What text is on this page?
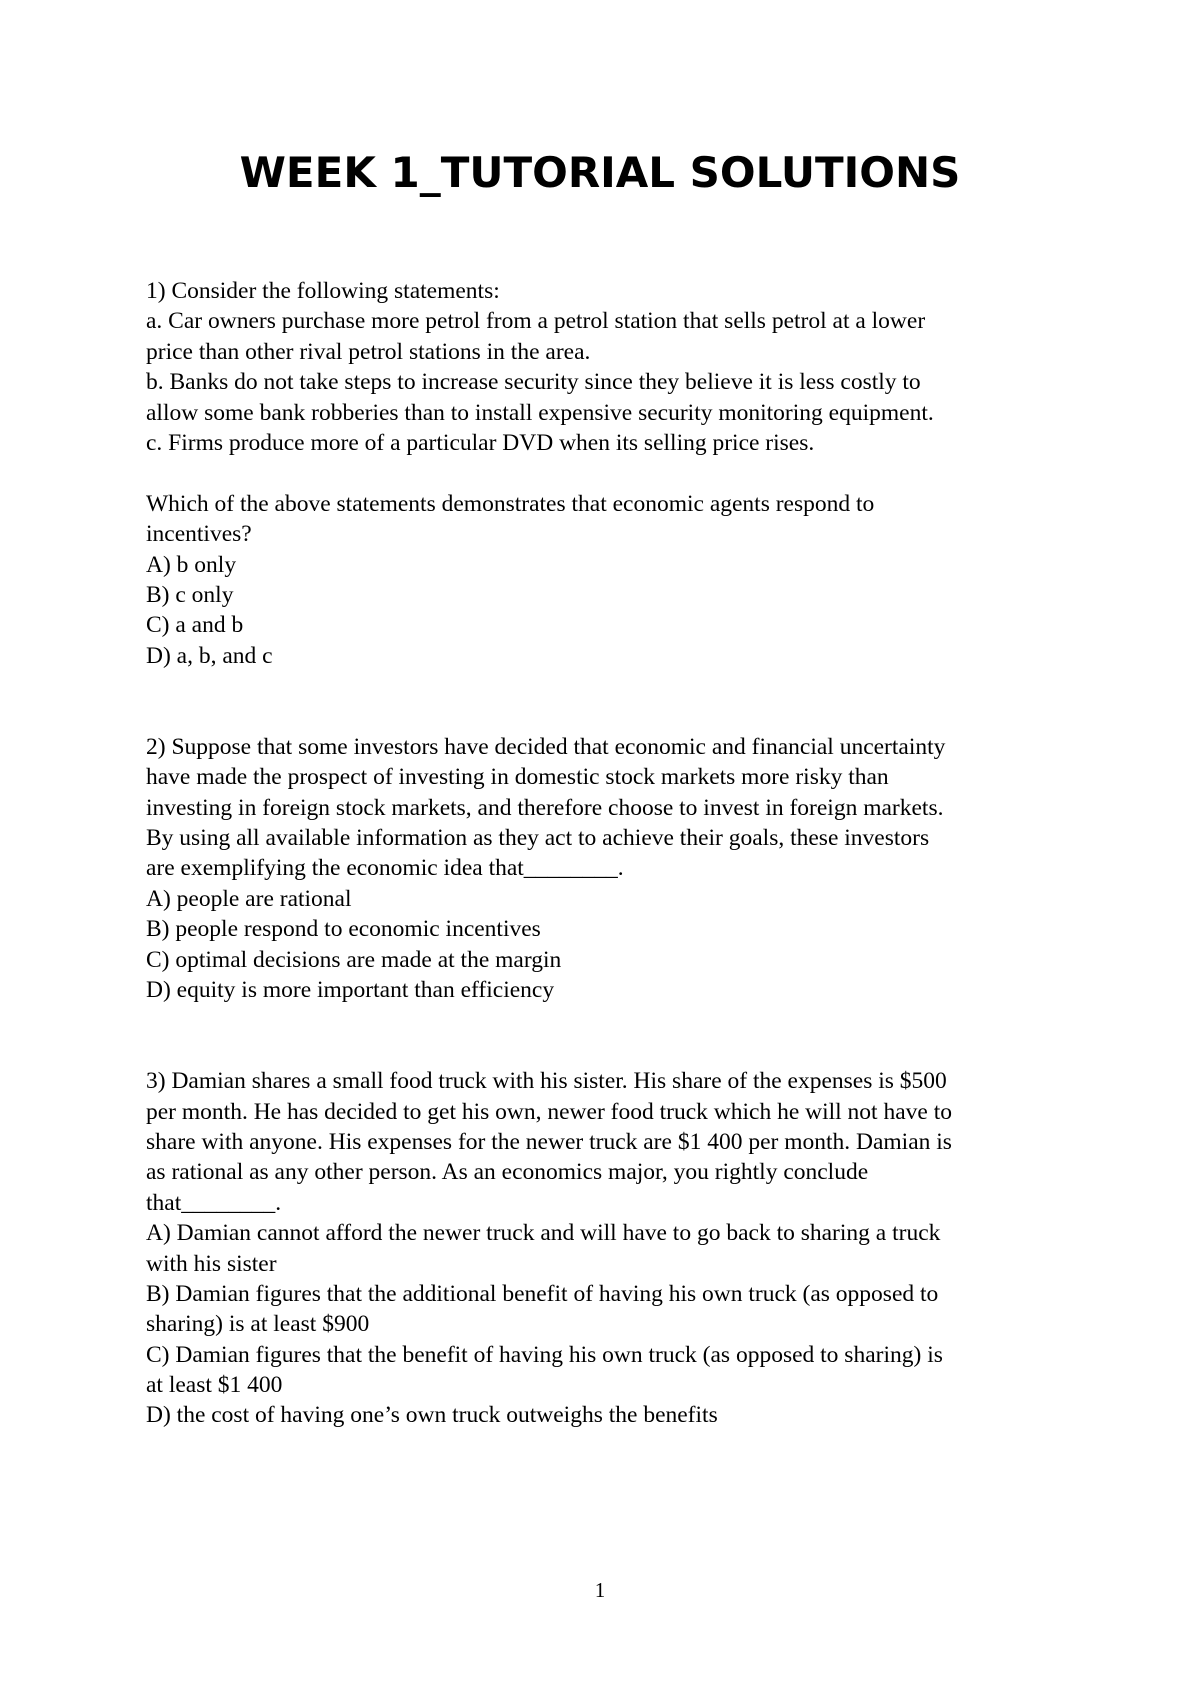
WEEK 1_TUTORIAL SOLUTIONS
1) Consider the following statements:
a. Car owners purchase more petrol from a petrol station that sells petrol at a lower
price than other rival petrol stations in the area.
b. Banks do not take steps to increase security since they believe it is less costly to
allow some bank robberies than to install expensive security monitoring equipment.
c. Firms produce more of a particular DVD when its selling price rises.
Which of the above statements demonstrates that economic agents respond to
incentives?
A) b only
B) c only
C) a and b
D) a, b, and c
2) Suppose that some investors have decided that economic and financial uncertainty
have made the prospect of investing in domestic stock markets more risky than
investing in foreign stock markets, and therefore choose to invest in foreign markets.
By using all available information as they act to achieve their goals, these investors
are exemplifying the economic idea that________.
A) people are rational
B) people respond to economic incentives
C) optimal decisions are made at the margin
D) equity is more important than efficiency
3) Damian shares a small food truck with his sister. His share of the expenses is $500
per month. He has decided to get his own, newer food truck which he will not have to
share with anyone. His expenses for the newer truck are $1 400 per month. Damian is
as rational as any other person. As an economics major, you rightly conclude
that________.
A) Damian cannot afford the newer truck and will have to go back to sharing a truck
with his sister
B) Damian figures that the additional benefit of having his own truck (as opposed to
sharing) is at least $900
C) Damian figures that the benefit of having his own truck (as opposed to sharing) is
at least $1 400
D) the cost of having one’s own truck outweighs the benefits
1
